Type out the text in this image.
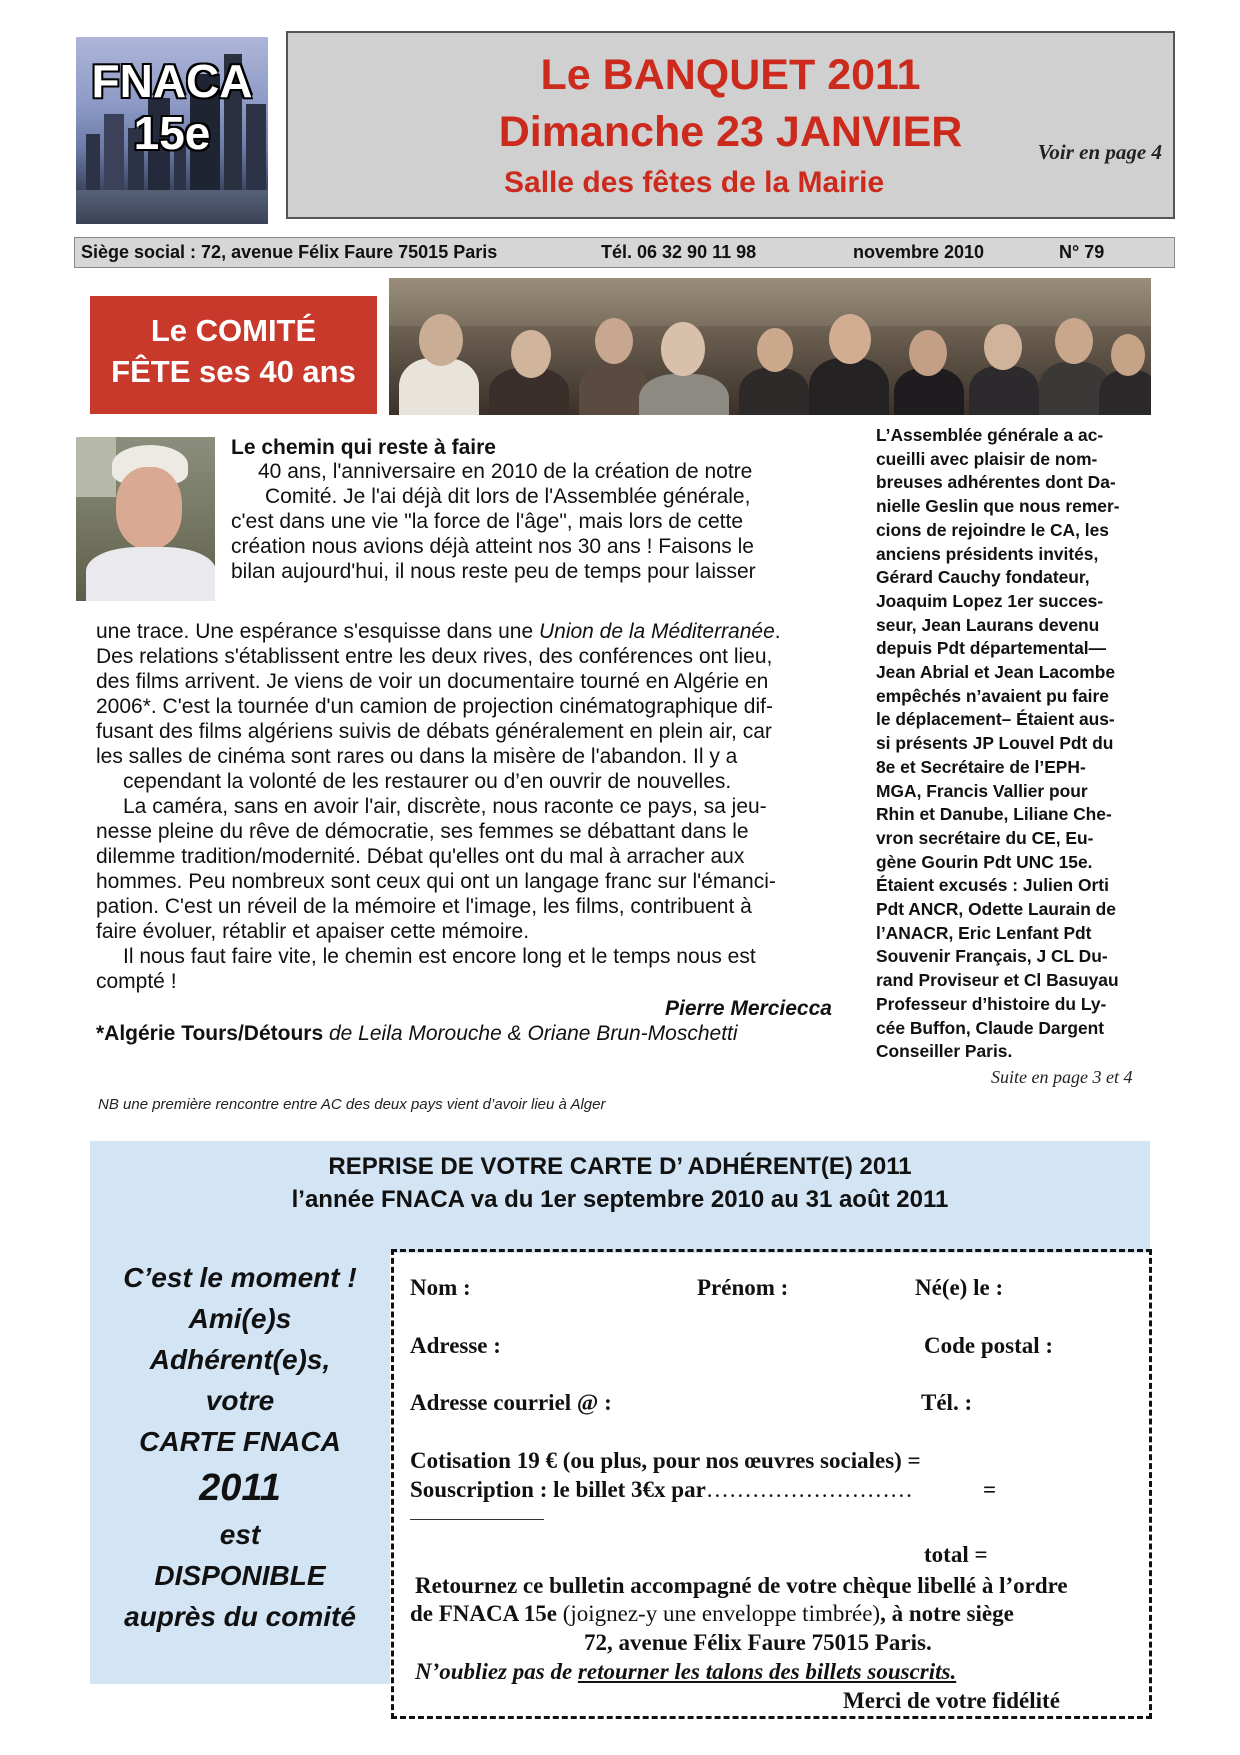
FNACA
15e
Le BANQUET 2011
Dimanche 23 JANVIER
Salle des fêtes de la Mairie
Voir en page 4
Siège social : 72, avenue Félix Faure 75015 Paris	Tél. 06 32 90 11 98	novembre 2010	N° 79
Le COMITÉ
FÊTE ses 40 ans
Le chemin qui reste à faire
40 ans, l'anniversaire en 2010 de la création de notre
Comité. Je l'ai déjà dit lors de l'Assemblée générale,
c'est dans une vie "la force de l'âge", mais lors de cette
création nous avions déjà atteint nos 30 ans ! Faisons le
bilan aujourd'hui, il nous reste peu de temps pour laisser
une trace. Une espérance s'esquisse dans une Union de la Méditerranée.
Des relations s'établissent entre les deux rives, des conférences ont lieu,
des films arrivent. Je viens de voir un documentaire tourné en Algérie en
2006*. C'est la tournée d'un camion de projection cinématographique dif-
fusant des films algériens suivis de débats généralement en plein air, car
les salles de cinéma sont rares ou dans la misère de l'abandon. Il y a
cependant la volonté de les restaurer ou d’en ouvrir de nouvelles.
La caméra, sans en avoir l'air, discrète, nous raconte ce pays, sa jeu-
nesse pleine du rêve de démocratie, ses femmes se débattant dans le
dilemme tradition/modernité. Débat qu'elles ont du mal à arracher aux
hommes. Peu nombreux sont ceux qui ont un langage franc sur l'émanci-
pation. C'est un réveil de la mémoire et l'image, les films, contribuent à
faire évoluer, rétablir et apaiser cette mémoire.
Il nous faut faire vite, le chemin est encore long et le temps nous est
compté !
Pierre Merciecca
*Algérie Tours/Détours de Leila Morouche & Oriane Brun-Moschetti
L’Assemblée générale a ac-
cueilli avec plaisir de nom-
breuses adhérentes dont Da-
nielle Geslin que nous remer-
cions de rejoindre le CA, les
anciens présidents invités,
Gérard Cauchy fondateur,
Joaquim Lopez 1er succes-
seur, Jean Laurans devenu
depuis Pdt départemental—
Jean Abrial et Jean Lacombe
empêchés n’avaient pu faire
le déplacement– Étaient aus-
si présents JP Louvel Pdt du
8e et Secrétaire de l’EPH-
MGA, Francis Vallier pour
Rhin et Danube, Liliane Che-
vron secrétaire du CE, Eu-
gène Gourin Pdt UNC 15e.
Étaient excusés : Julien Orti
Pdt ANCR, Odette Laurain de
l’ANACR, Eric Lenfant Pdt
Souvenir Français, J CL Du-
rand Proviseur et Cl Basuyau
Professeur d’histoire du Ly-
cée Buffon, Claude Dargent
Conseiller Paris.
Suite en page 3 et 4
NB une première rencontre entre AC des deux pays vient d’avoir lieu à Alger
REPRISE DE VOTRE CARTE D’ ADHÉRENT(E) 2011
l’année FNACA va du 1er septembre 2010 au 31 août 2011
C’est le moment !
Ami(e)s
Adhérent(e)s,
votre
CARTE FNACA
2011
est
DISPONIBLE
auprès du comité
Nom :	Prénom :	Né(e) le :
Adresse :	Code postal :
Adresse courriel @ :	Tél. :
Cotisation 19 € (ou plus, pour nos œuvres sociales) =
Souscription : le billet 3€x par………………………	=
total =
Retournez ce bulletin accompagné de votre chèque libellé à l’ordre
de FNACA 15e (joignez-y une enveloppe timbrée), à notre siège
72, avenue Félix Faure 75015 Paris.
N’oubliez pas de retourner les talons des billets souscrits.
Merci de votre fidélité
